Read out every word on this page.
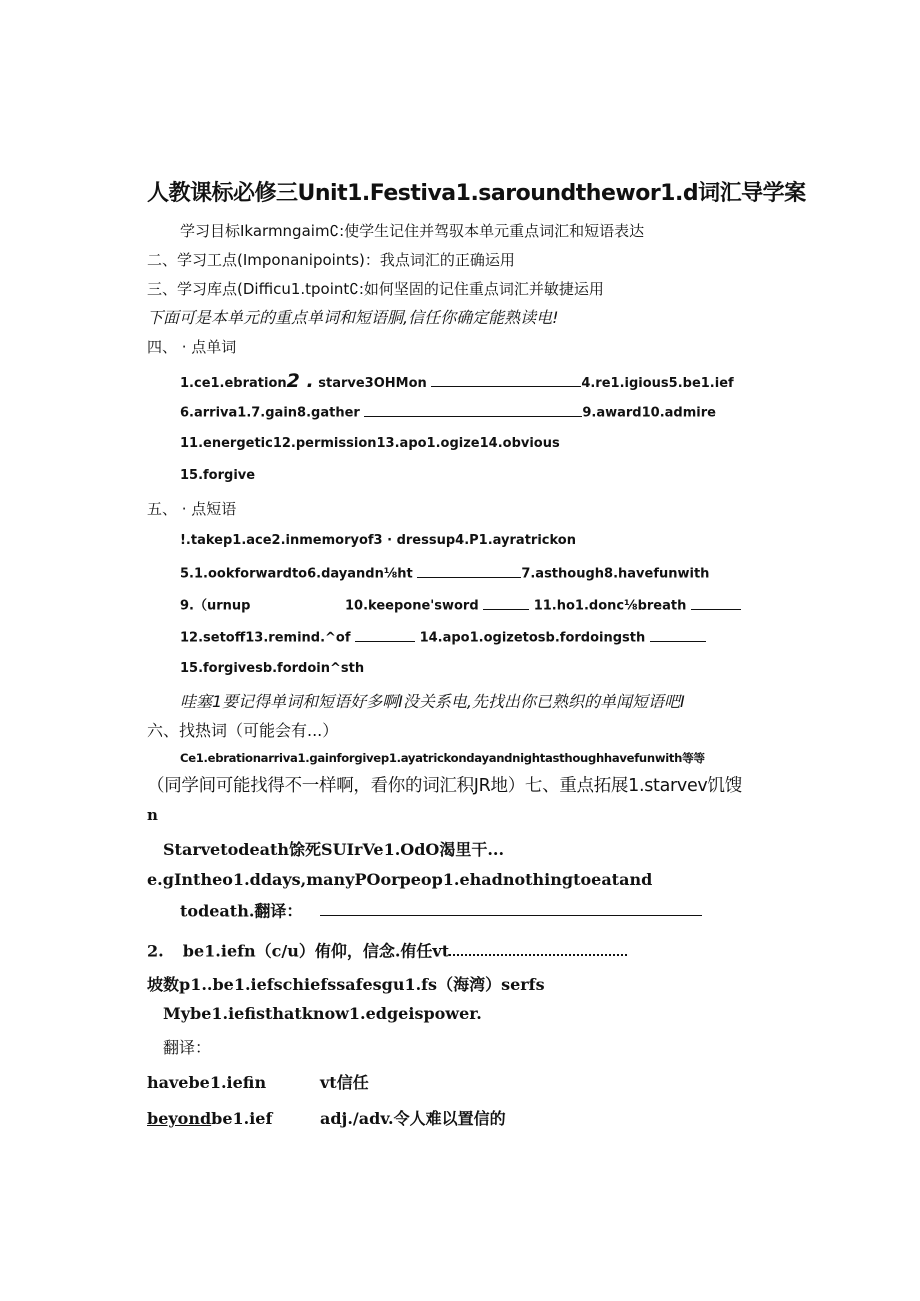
人教课标必修三Unit1.Festiva1.saroundthewor1.d词汇导学案
学习目标Ikarmngaim∁:使学生记住并驾驭本单元重点词汇和短语表达
二、学习工点(Imponanipoints)：我点词汇的正确运用
三、学习库点(Difficu1.tpoint∁:如何坚固的记住重点词汇并敏捷运用
下面可是本单元的重点单词和短语胴,信任你确定能熟读电!
四、 · 点单词
1.ce1.ebration2 . starve3OHMon	4.re1.igious5.be1.ief
6.arriva1.7.gain8.gather	9.award10.admire
11.energetic12.permission13.apo1.ogize14.obvious
15.forgive
五、 · 点短语
!.takep1.ace2.inmemoryof3 · dressup4.P1.ayratrickon
5.1.ookforwardto6.dayandn⅛ht	7.asthough8.havefunwith
9.（urnup	10.keepone'sword	11.ho1.donc⅛breath
12.setoff13.remind.^of	14.apo1.ogizetosb.fordoingsth
15.forgivesb.fordoin^sth
哇塞1要记得单词和短语好多啊I没关系电,先找出你已熟织的单闻短语吧I
六、找热词（可能会有...）
Ce1.ebrationarriva1.gainforgivep1.ayatrickondayandnightasthoughhavefunwith等等
（同学间可能找得不一样啊，看你的词汇积JR地）七、重点拓展1.starvev饥馊
n
Starvetodeath馀死SUIrVe1.OdO渴里干...
e.gIntheo1.ddays,manyPOorpeop1.ehadnothingtoeatand
todeath.翻译：
2. be1.iefn（c/u）侑仰，信念.侑任vt
坡数p1..be1.iefschiefssafesgu1.fs（海湾）serfs
Mybe1.iefisthatknow1.edgeispower.
翻译：
havebe1.iefin	vt信任
beyondbe1.ief	adj./adv.令人难以置信的
